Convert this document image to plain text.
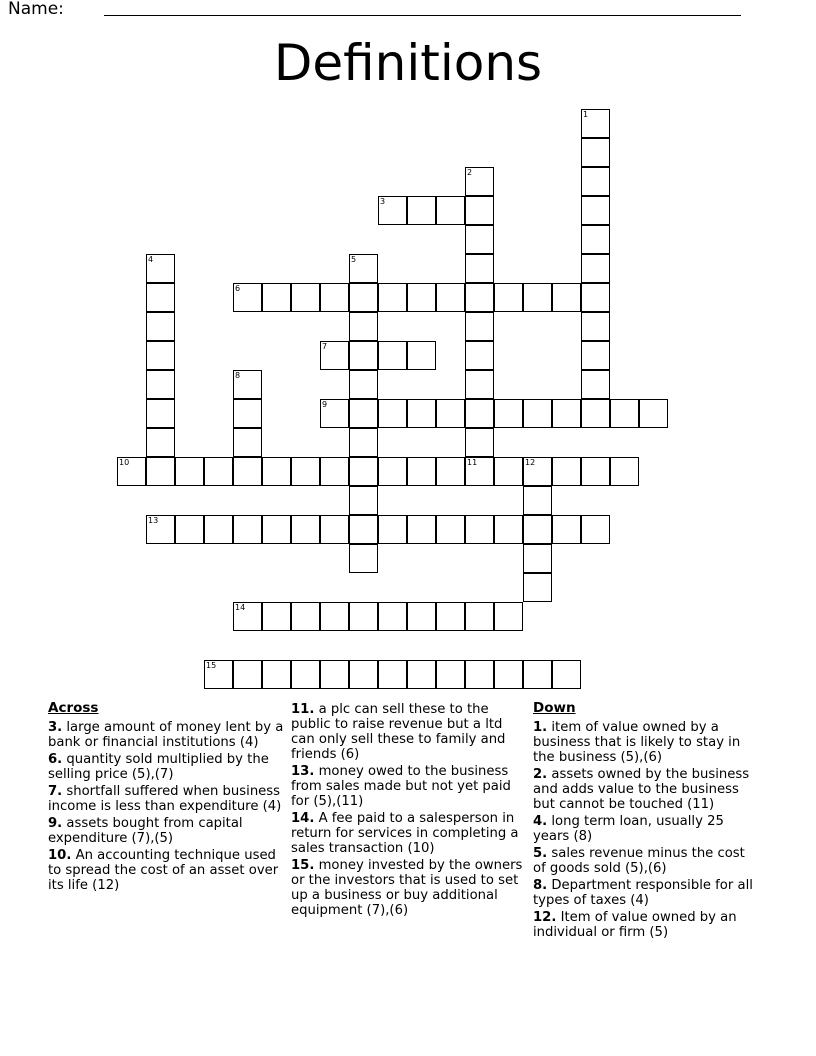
Name:
Definitions
1
2
11
3
4	5
6
7
8
9
10	12
13
14
15
Across
3. large amount of money lent by a bank or financial institutions (4)
6. quantity sold multiplied by the selling price (5),(7)
7. shortfall suffered when business income is less than expenditure (4)
9. assets bought from capital expenditure (7),(5)
10. An accounting technique used to spread the cost of an asset over its life (12)
11. a plc can sell these to the public to raise revenue but a ltd can only sell these to family and friends (6)
13. money owed to the business from sales made but not yet paid for (5),(11)
14. A fee paid to a salesperson in return for services in completing a sales transaction (10)
15. money invested by the owners or the investors that is used to set up a business or buy additional equipment (7),(6)
Down
1. item of value owned by a business that is likely to stay in the business (5),(6)
2. assets owned by the business and adds value to the business but cannot be touched (11)
4. long term loan, usually 25 years (8)
5. sales revenue minus the cost of goods sold (5),(6)
8. Department responsible for all types of taxes (4)
12. Item of value owned by an individual or firm (5)
